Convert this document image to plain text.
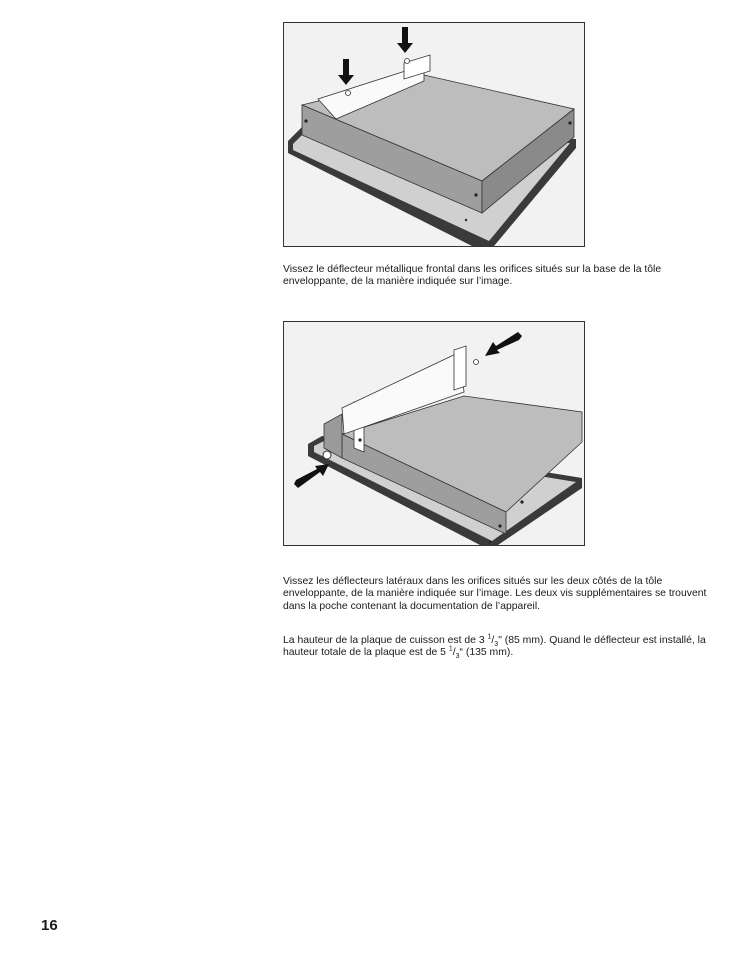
Vissez le déflecteur métallique frontal dans les orifices situés sur la base de la tôle enveloppante, de la manière indiquée sur l’image.

Vissez les déflecteurs latéraux dans les orifices situés sur les deux côtés de la tôle enveloppante, de la manière indiquée sur l’image. Les deux vis supplémentaires se trouvent dans la poche contenant la documentation de l’appareil.

La hauteur de la plaque de cuisson est de 3 $^1/_3$" (85 mm). Quand le déflecteur est installé, la hauteur totale de la plaque est de 5 $^1/_3“$ (135 mm).

16
